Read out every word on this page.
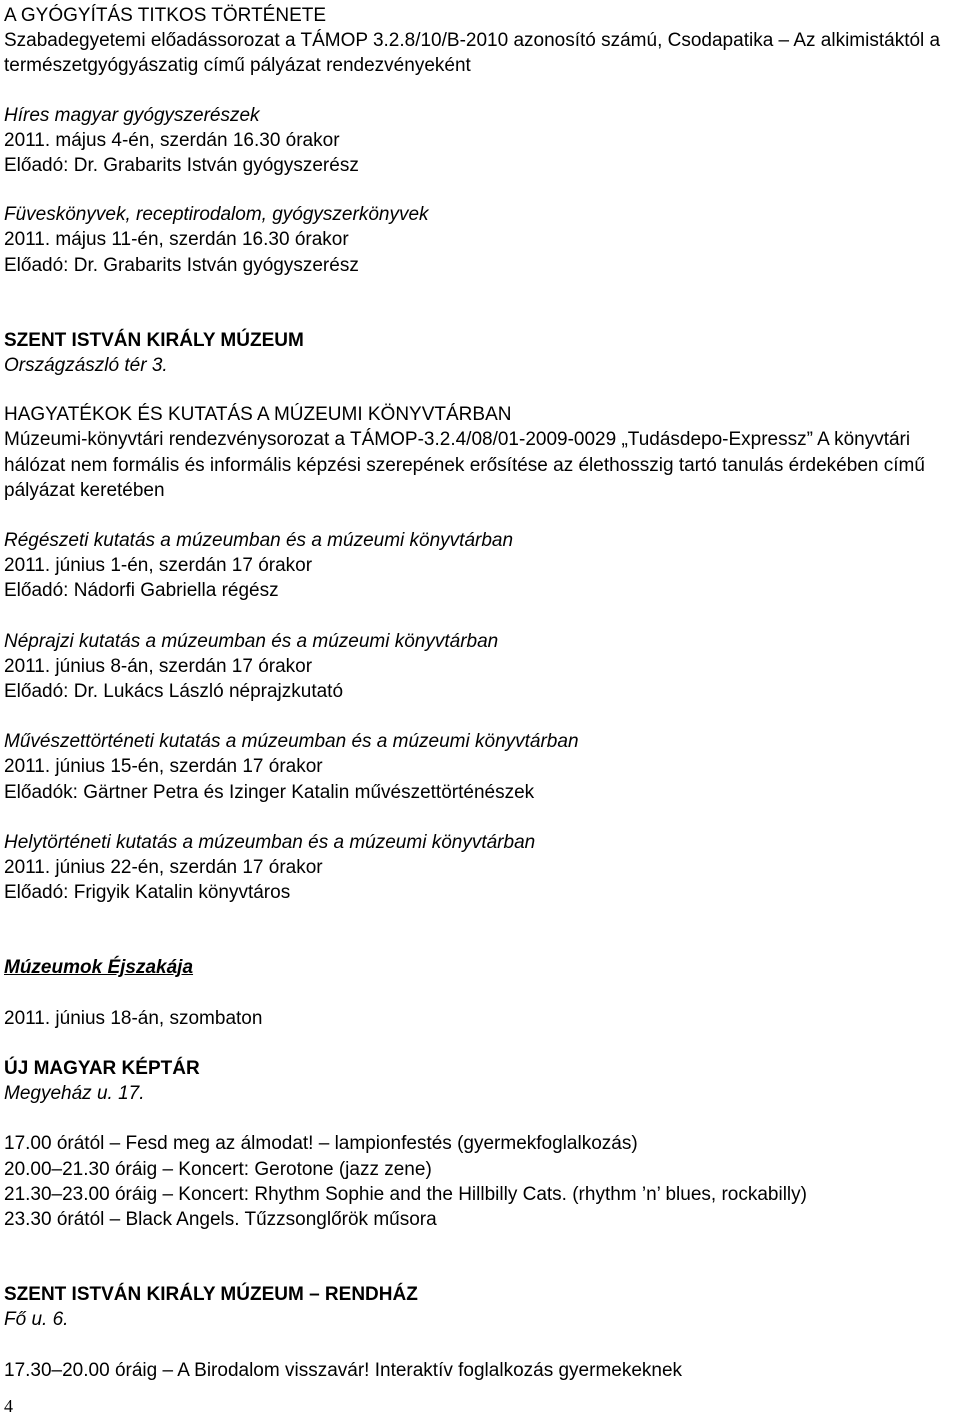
A GYÓGYÍTÁS TITKOS TÖRTÉNETE
Szabadegyetemi előadássorozat a TÁMOP 3.2.8/10/B-2010 azonosító számú, Csodapatika – Az alkimistáktól a természetgyógyászatig című pályázat rendezvényeként
Híres magyar gyógyszerészek
2011. május 4-én, szerdán 16.30 órakor
Előadó: Dr. Grabarits István gyógyszerész
Füveskönyvek, receptirodalom, gyógyszerkönyvek
2011. május 11-én, szerdán 16.30 órakor
Előadó: Dr. Grabarits István gyógyszerész
SZENT ISTVÁN KIRÁLY MÚZEUM
Országzászló tér 3.
HAGYATÉKOK ÉS KUTATÁS A MÚZEUMI KÖNYVTÁRBAN
Múzeumi-könyvtári rendezvénysorozat a TÁMOP-3.2.4/08/01-2009-0029 „Tudásdepo-Expressz” A könyvtári hálózat nem formális és informális képzési szerepének erősítése az élethosszig tartó tanulás érdekében című pályázat keretében
Régészeti kutatás a múzeumban és a múzeumi könyvtárban
2011. június 1-én, szerdán 17 órakor
Előadó: Nádorfi Gabriella régész
Néprajzi kutatás a múzeumban és a múzeumi könyvtárban
2011. június 8-án, szerdán 17 órakor
Előadó: Dr. Lukács László néprajzkutató
Művészettörténeti kutatás a múzeumban és a múzeumi könyvtárban
2011. június 15-én, szerdán 17 órakor
Előadók: Gärtner Petra és Izinger Katalin művészettörténészek
Helytörténeti kutatás a múzeumban és a múzeumi könyvtárban
2011. június 22-én, szerdán 17 órakor
Előadó: Frigyik Katalin könyvtáros
Múzeumok Éjszakája
2011. június 18-án, szombaton
ÚJ MAGYAR KÉPTÁR
Megyeház u. 17.
17.00 órától – Fesd meg az álmodat! – lampionfestés (gyermekfoglalkozás)
20.00–21.30 óráig – Koncert: Gerotone (jazz zene)
21.30–23.00 óráig – Koncert: Rhythm Sophie and the Hillbilly Cats. (rhythm ’n’ blues, rockabilly)
23.30 órától – Black Angels. Tűzzsonglőrök műsora
SZENT ISTVÁN KIRÁLY MÚZEUM – RENDHÁZ
Fő u. 6.
17.30–20.00 óráig – A Birodalom visszavár! Interaktív foglalkozás gyermekeknek
4
